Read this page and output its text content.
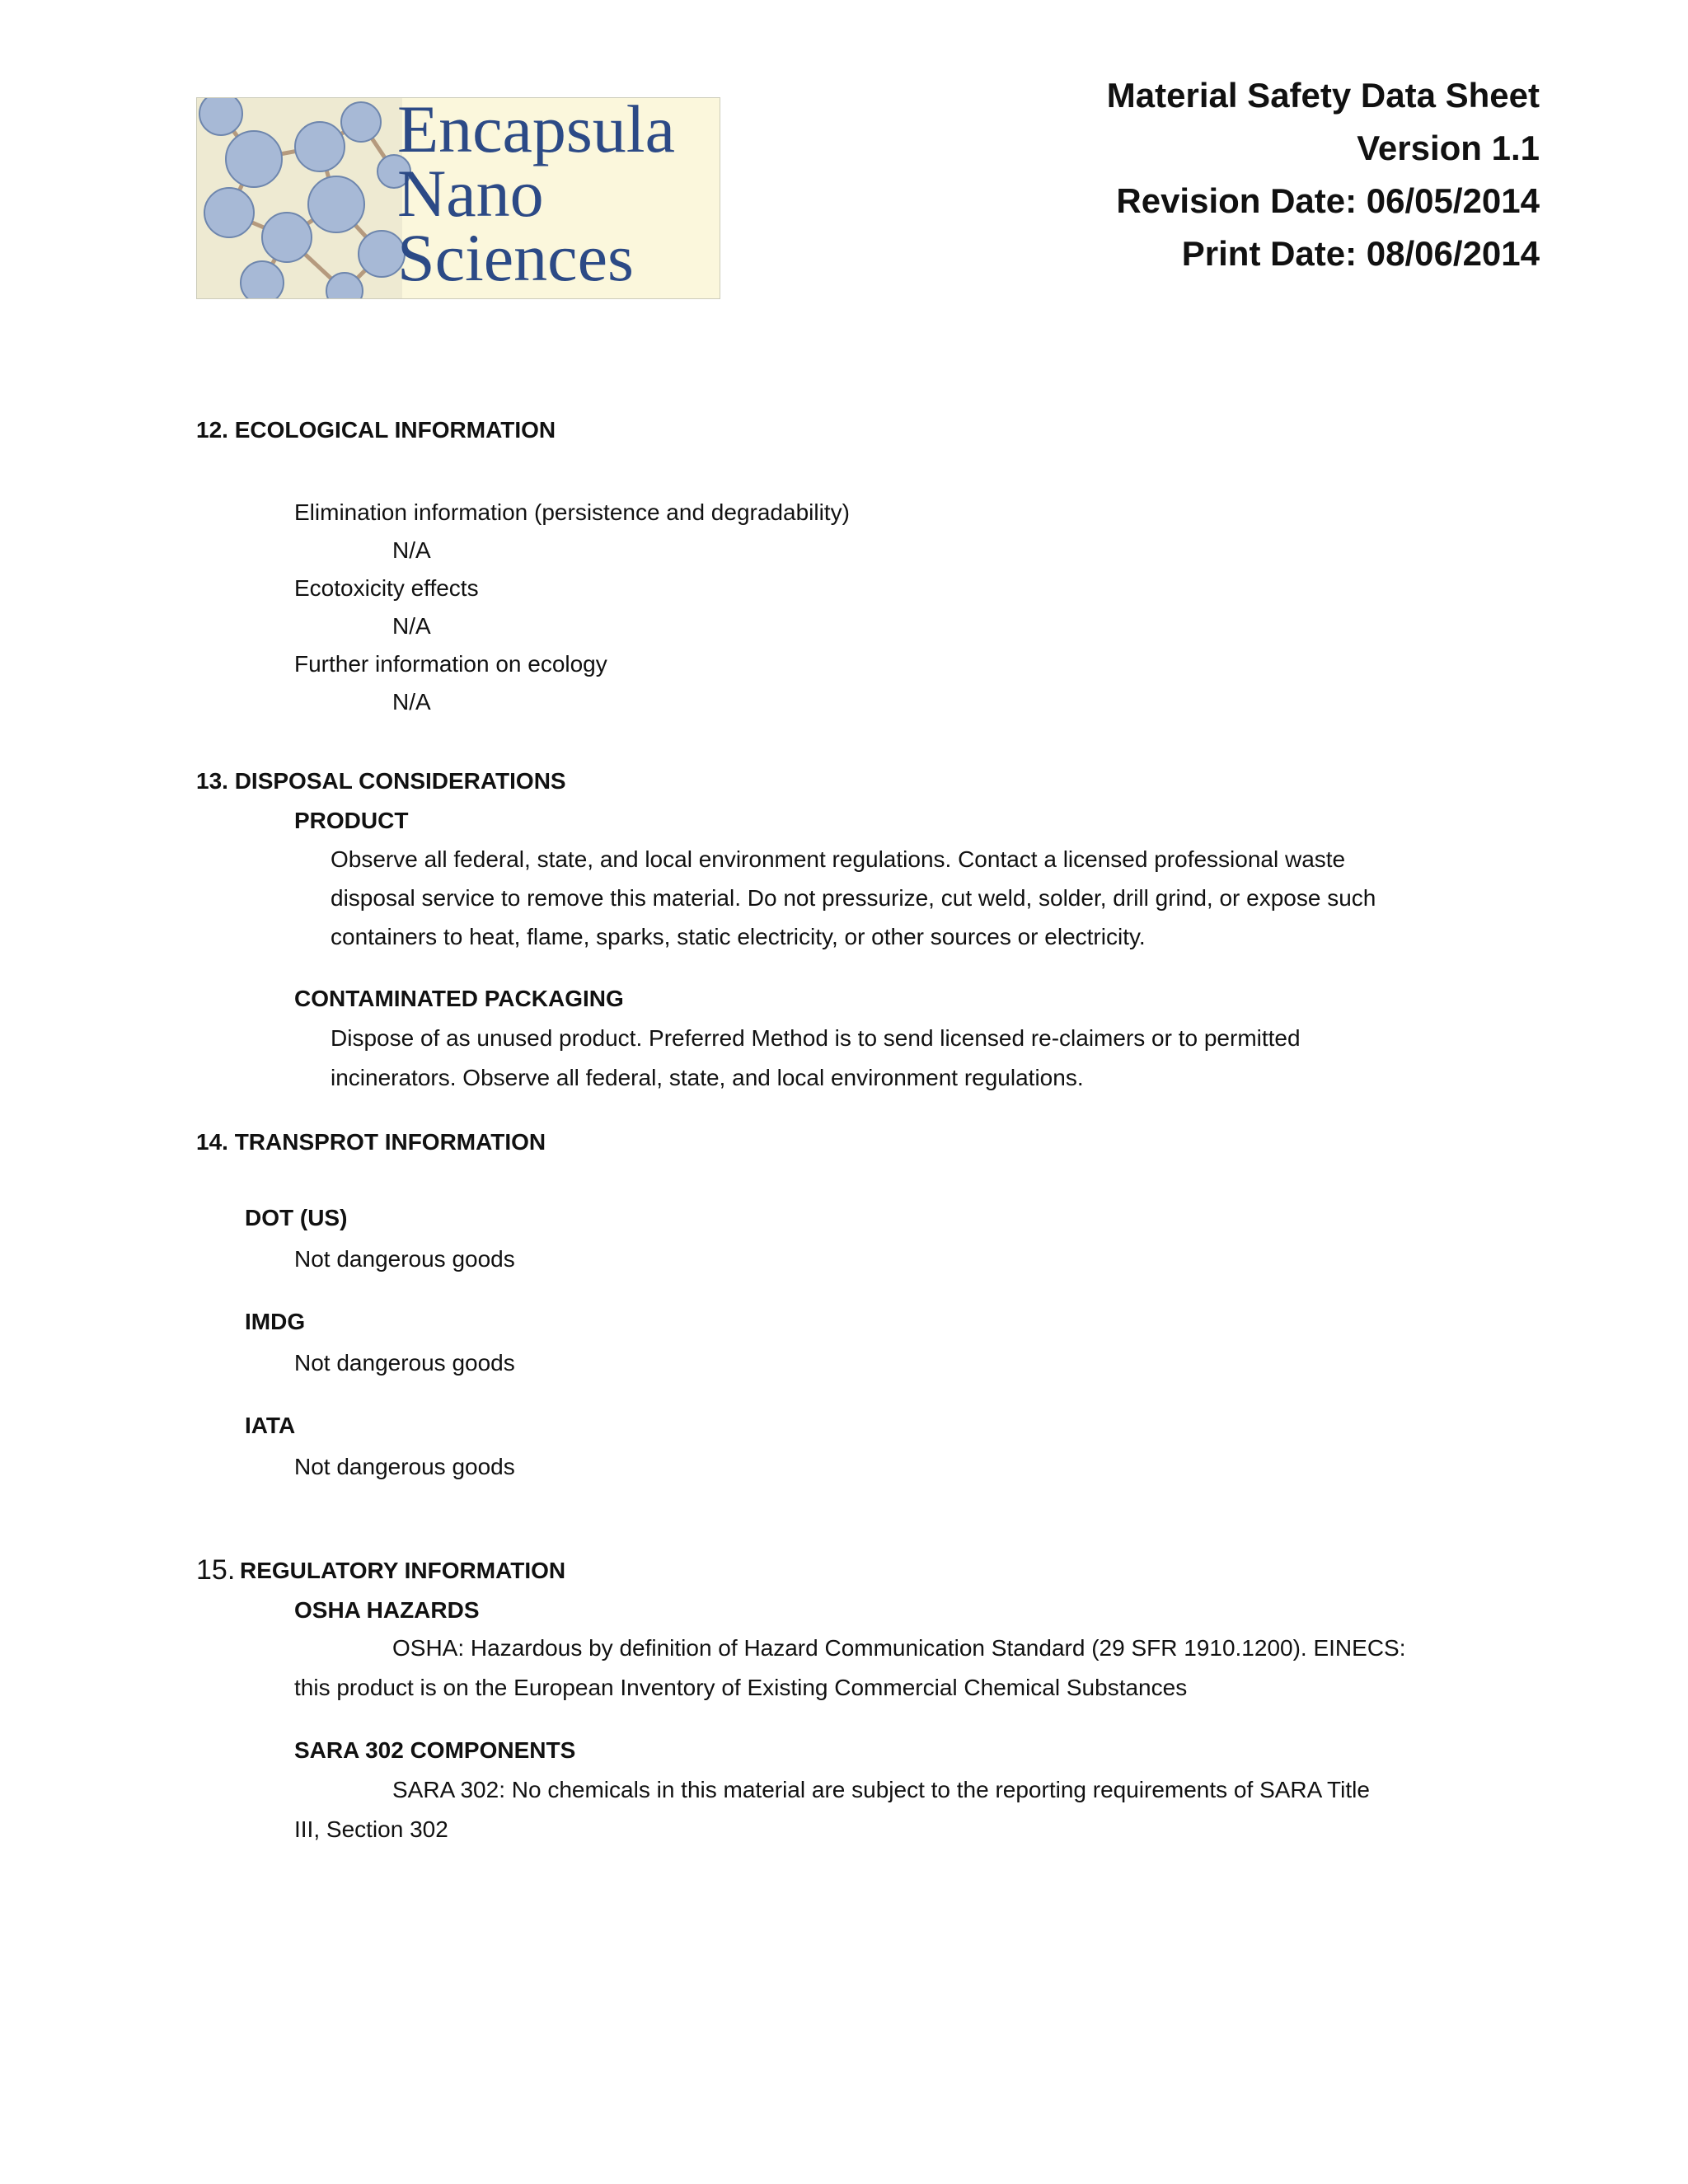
Encapsula
Nano
Sciences
Material Safety Data Sheet
Version 1.1
Revision Date: 06/05/2014
Print Date: 08/06/2014
12. ECOLOGICAL INFORMATION
Elimination information (persistence and degradability)
N/A
Ecotoxicity effects
N/A
Further information on ecology
N/A
13. DISPOSAL CONSIDERATIONS
PRODUCT
Observe all federal, state, and local environment regulations. Contact a licensed professional waste
disposal service to remove this material. Do not pressurize, cut weld, solder, drill grind, or expose such
containers to heat, flame, sparks, static electricity, or other sources or electricity.
CONTAMINATED PACKAGING
Dispose of as unused product. Preferred Method is to send licensed re-claimers or to permitted
incinerators. Observe all federal, state, and local environment regulations.
14. TRANSPROT INFORMATION
DOT (US)
Not dangerous goods
IMDG
Not dangerous goods
IATA
Not dangerous goods
15. REGULATORY INFORMATION
OSHA HAZARDS
OSHA: Hazardous by definition of Hazard Communication Standard (29 SFR 1910.1200). EINECS:
this product is on the European Inventory of Existing Commercial Chemical Substances
SARA 302 COMPONENTS
SARA 302: No chemicals in this material are subject to the reporting requirements of SARA Title
III, Section 302
